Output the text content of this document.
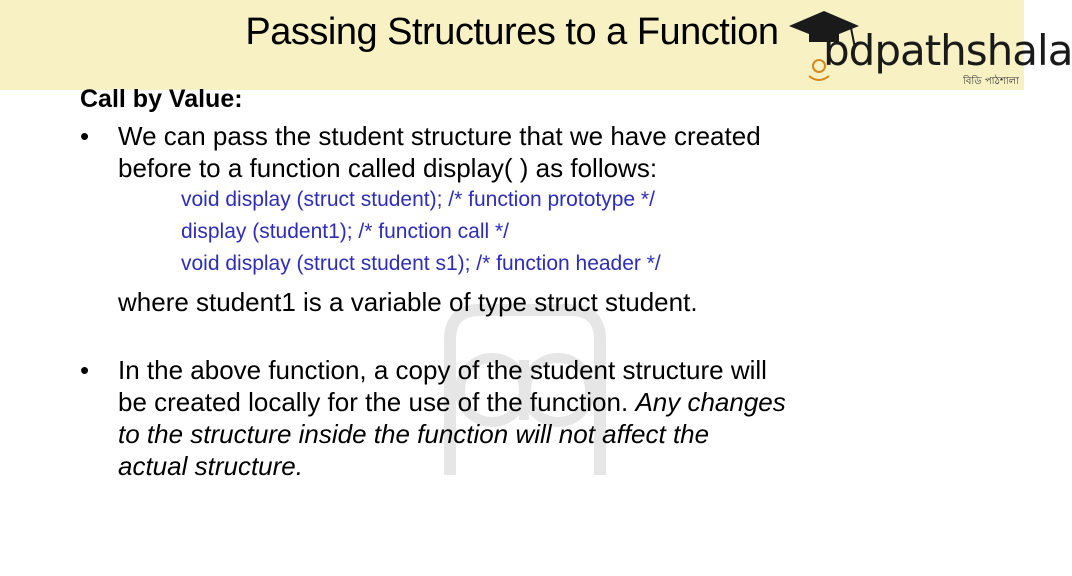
Passing Structures to a Function	bdpathshala
বিডি পাঠশালা

Call by Value:

•	We can pass the student structure that we have created
before to a function called display( ) as follows:
void display (struct student); /* function prototype */
display (student1); /* function call */
void display (struct student s1); /* function header */
where student1 is a variable of type struct student.
•	In the above function, a copy of the student structure will
be created locally for the use of the function. Any changes
to the structure inside the function will not affect the
actual structure.
